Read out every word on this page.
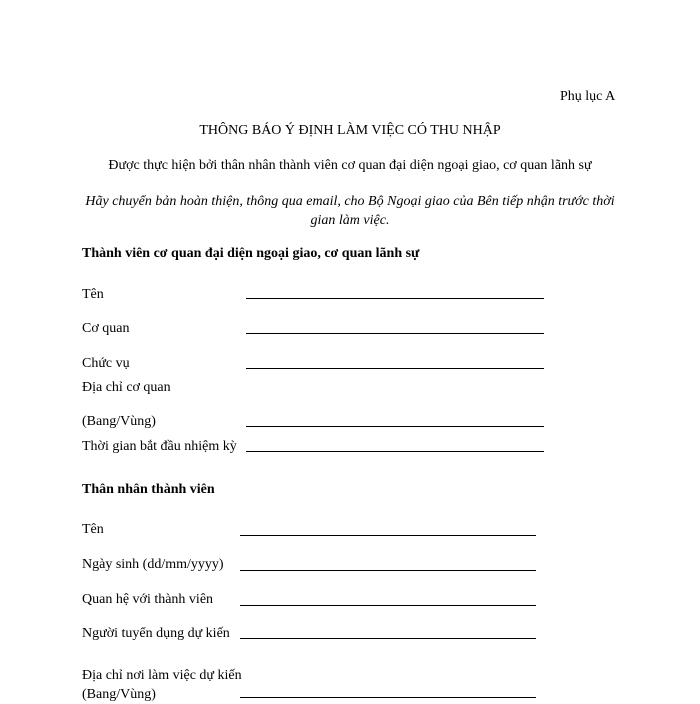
Phụ lục A
THÔNG BÁO Ý ĐỊNH LÀM VIỆC CÓ THU NHẬP
Được thực hiện bởi thân nhân thành viên cơ quan đại diện ngoại giao, cơ quan lãnh sự
Hãy chuyển bản hoàn thiện, thông qua email, cho Bộ Ngoại giao của Bên tiếp nhận trước thời gian làm việc.
Thành viên cơ quan đại diện ngoại giao, cơ quan lãnh sự
Tên
Cơ quan
Chức vụ
Địa chỉ cơ quan
(Bang/Vùng)
Thời gian bắt đầu nhiệm kỳ
Thân nhân thành viên
Tên
Ngày sinh (dd/mm/yyyy)
Quan hệ với thành viên
Người tuyển dụng dự kiến
Địa chỉ nơi làm việc dự kiến (Bang/Vùng)
